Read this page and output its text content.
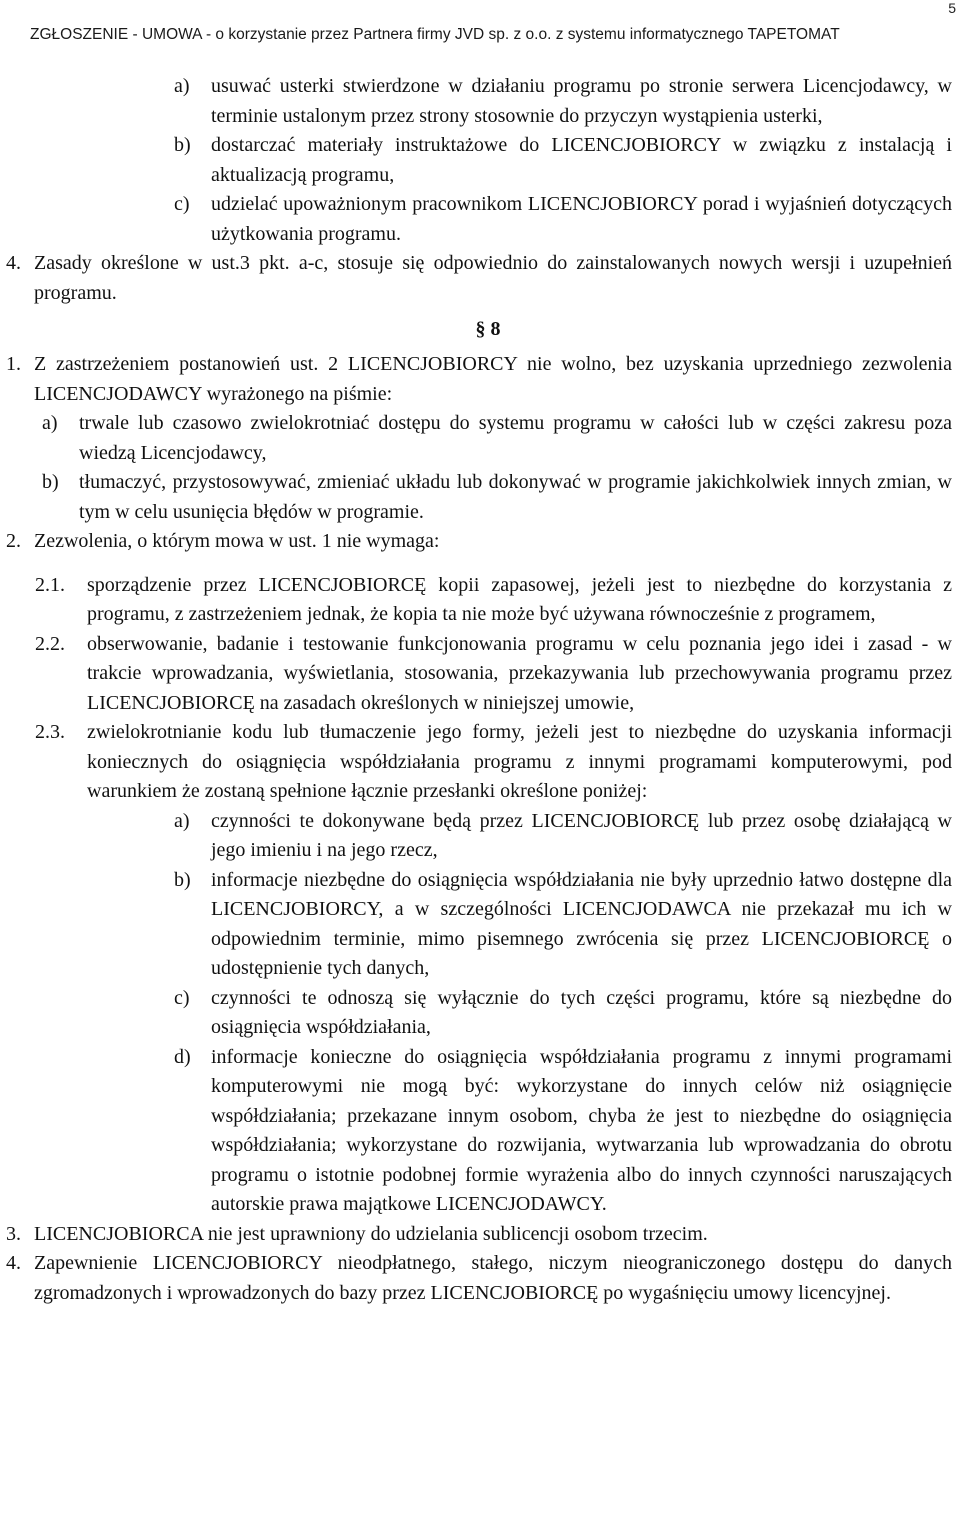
ZGŁOSZENIE - UMOWA - o korzystanie przez Partnera firmy JVD sp. z o.o. z systemu informatycznego TAPETOMAT
5
a) usuwać usterki stwierdzone w działaniu programu po stronie serwera Licencjodawcy, w terminie ustalonym przez strony stosownie do przyczyn wystąpienia usterki,
b) dostarczać materiały instruktażowe do LICENCJOBIORCY w związku z instalacją i aktualizacją programu,
c) udzielać upoważnionym pracownikom LICENCJOBIORCY porad i wyjaśnień dotyczących użytkowania programu.
4. Zasady określone w ust.3 pkt. a-c, stosuje się odpowiednio do zainstalowanych nowych wersji i uzupełnień programu.
§ 8
1. Z zastrzeżeniem postanowień ust. 2 LICENCJOBIORCY nie wolno, bez uzyskania uprzedniego zezwolenia LICENCJODAWCY wyrażonego na piśmie:
a) trwale lub czasowo zwielokrotniać dostępu do systemu programu w całości lub w części zakresu poza wiedzą Licencjodawcy,
b) tłumaczyć, przystosowywać, zmieniać układu lub dokonywać w programie jakichkolwiek innych zmian, w tym w celu usunięcia błędów w programie.
2. Zezwolenia, o którym mowa w ust. 1 nie wymaga:
2.1. sporządzenie przez LICENCJOBIORCĘ kopii zapasowej, jeżeli jest to niezbędne do korzystania z programu, z zastrzeżeniem jednak, że kopia ta nie może być używana równocześnie z programem,
2.2. obserwowanie, badanie i testowanie funkcjonowania programu w celu poznania jego idei i zasad - w trakcie wprowadzania, wyświetlania, stosowania, przekazywania lub przechowywania programu przez LICENCJOBIORCĘ na zasadach określonych w niniejszej umowie,
2.3. zwielokrotnianie kodu lub tłumaczenie jego formy, jeżeli jest to niezbędne do uzyskania informacji koniecznych do osiągnięcia współdziałania programu z innymi programami komputerowymi, pod warunkiem że zostaną spełnione łącznie przesłanki określone poniżej:
a) czynności te dokonywane będą przez LICENCJOBIORCĘ lub przez osobę działającą w jego imieniu i na jego rzecz,
b) informacje niezbędne do osiągnięcia współdziałania nie były uprzednio łatwo dostępne dla LICENCJOBIORCY, a w szczególności LICENCJODAWCA nie przekazał mu ich w odpowiednim terminie, mimo pisemnego zwrócenia się przez LICENCJOBIORCĘ o udostępnienie tych danych,
c) czynności te odnoszą się wyłącznie do tych części programu, które są niezbędne do osiągnięcia współdziałania,
d) informacje konieczne do osiągnięcia współdziałania programu z innymi programami komputerowymi nie mogą być: wykorzystane do innych celów niż osiągnięcie współdziałania; przekazane innym osobom, chyba że jest to niezbędne do osiągnięcia współdziałania; wykorzystane do rozwijania, wytwarzania lub wprowadzania do obrotu programu o istotnie podobnej formie wyrażenia albo do innych czynności naruszających autorskie prawa majątkowe LICENCJODAWCY.
3. LICENCJOBIORCA nie jest uprawniony do udzielania sublicencji osobom trzecim.
4. Zapewnienie LICENCJOBIORCY nieodpłatnego, stałego, niczym nieograniczonego dostępu do danych zgromadzonych i wprowadzonych do bazy przez LICENCJOBIORCĘ po wygaśnięciu umowy licencyjnej.
